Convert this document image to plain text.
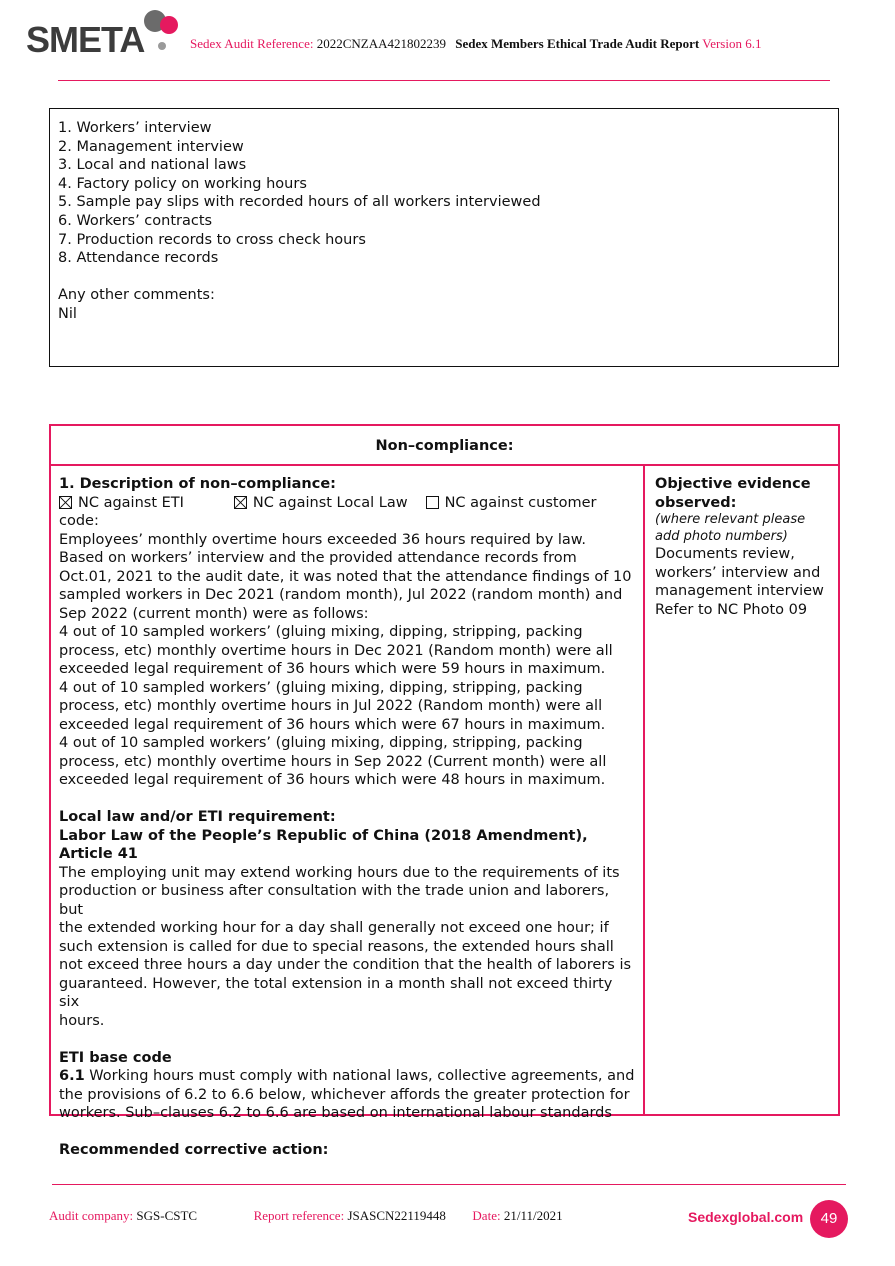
SMETA	Sedex Audit Reference: 2022CNZAA421802239 Sedex Members Ethical Trade Audit Report Version 6.1
1. Workers’ interview
2. Management interview
3. Local and national laws
4. Factory policy on working hours
5. Sample pay slips with recorded hours of all workers interviewed
6. Workers’ contracts
7. Production records to cross check hours
8. Attendance records
Any other comments:
Nil
Non–compliance:
1. Description of non–compliance:
NC against ETI	NC against Local Law	NC against customer
code:
Employees’ monthly overtime hours exceeded 36 hours required by law.
Based on workers’ interview and the provided attendance records from
Oct.01, 2021 to the audit date, it was noted that the attendance findings of 10
sampled workers in Dec 2021 (random month), Jul 2022 (random month) and
Sep 2022 (current month) were as follows:
4 out of 10 sampled workers’ (gluing mixing, dipping, stripping, packing
process, etc) monthly overtime hours in Dec 2021 (Random month) were all
exceeded legal requirement of 36 hours which were 59 hours in maximum.
4 out of 10 sampled workers’ (gluing mixing, dipping, stripping, packing
process, etc) monthly overtime hours in Jul 2022 (Random month) were all
exceeded legal requirement of 36 hours which were 67 hours in maximum.
4 out of 10 sampled workers’ (gluing mixing, dipping, stripping, packing
process, etc) monthly overtime hours in Sep 2022 (Current month) were all
exceeded legal requirement of 36 hours which were 48 hours in maximum.
Local law and/or ETI requirement:
Labor Law of the People’s Republic of China (2018 Amendment), Article 41
The employing unit may extend working hours due to the requirements of its
production or business after consultation with the trade union and laborers, but
the extended working hour for a day shall generally not exceed one hour; if
such extension is called for due to special reasons, the extended hours shall
not exceed three hours a day under the condition that the health of laborers is
guaranteed. However, the total extension in a month shall not exceed thirty six
hours.
ETI base code
6.1 Working hours must comply with national laws, collective agreements, and
the provisions of 6.2 to 6.6 below, whichever affords the greater protection for
workers. Sub–clauses 6.2 to 6.6 are based on international labour standards
Recommended corrective action:
Objective evidence
observed:
(where relevant please
add photo numbers)
Documents review,
workers’ interview and
management interview
Refer to NC Photo 09
Audit company: SGS-CSTC	Report reference: JSASCN22119448 Date: 21/11/2021	Sedexglobal.com	49
